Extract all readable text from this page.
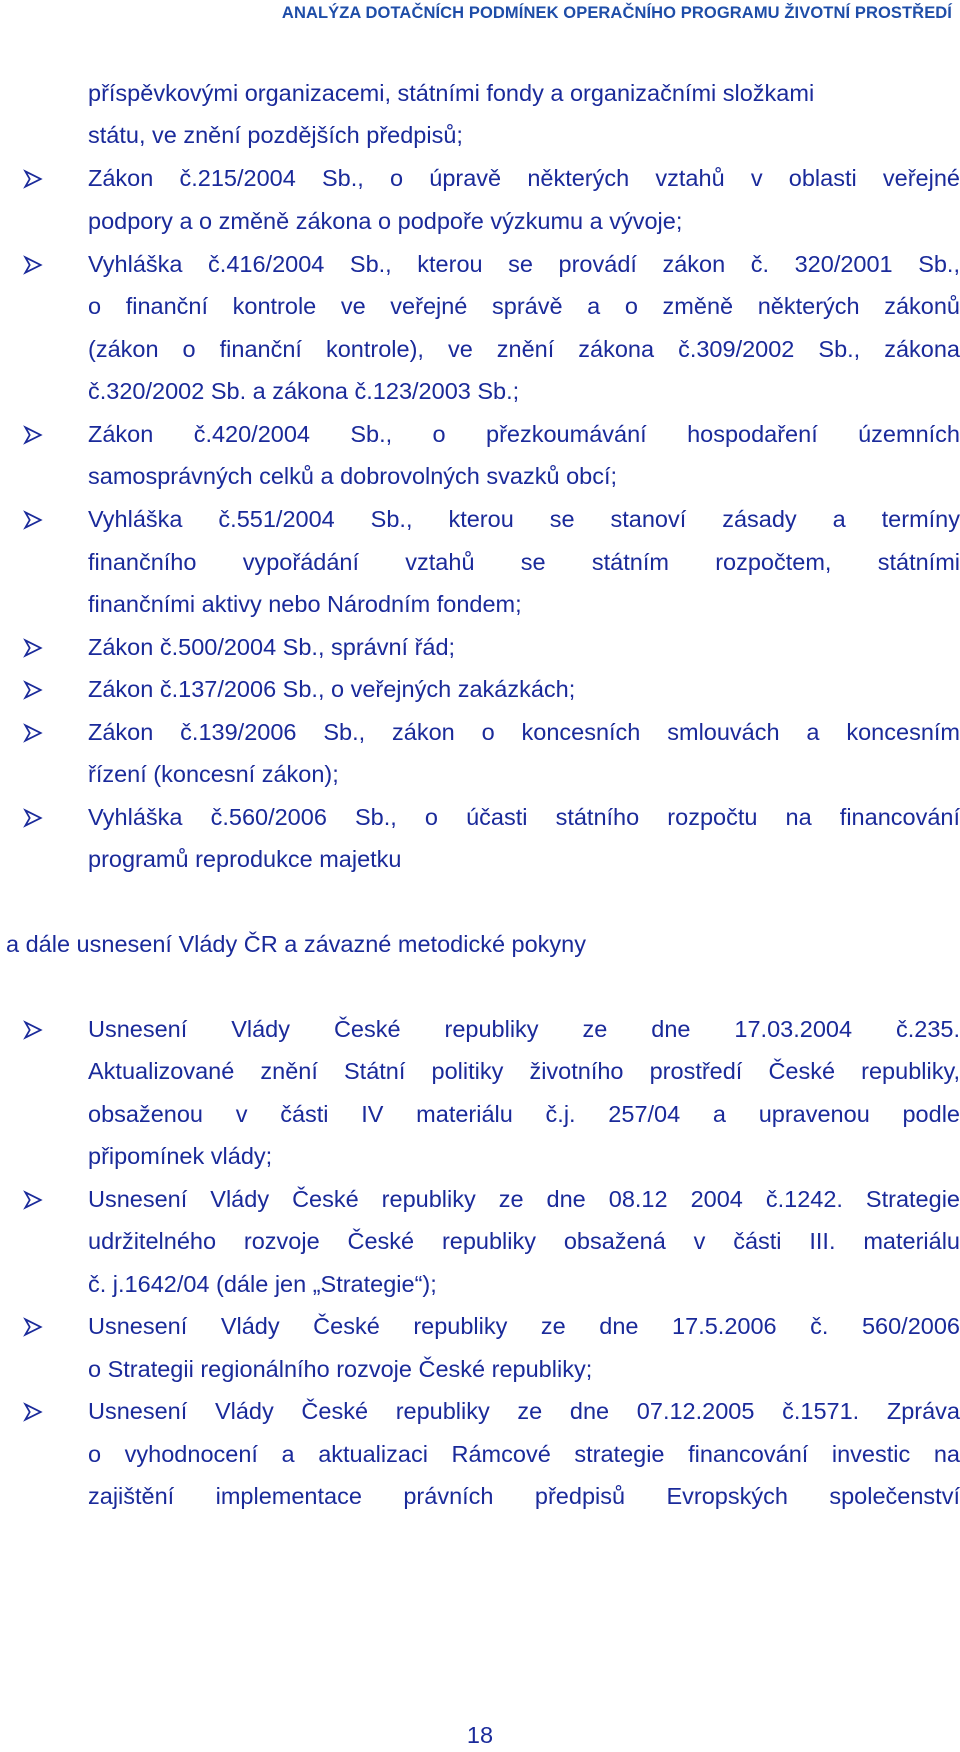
ANALÝZA DOTAČNÍCH PODMÍNEK OPERAČNÍHO PROGRAMU ŽIVOTNÍ PROSTŘEDÍ
příspěvkovými organizacemi, státními fondy a organizačními složkami
státu, ve znění pozdějších předpisů;
Zákon č.215/2004 Sb., o úpravě některých vztahů v oblasti veřejné
podpory a o změně zákona o podpoře výzkumu a vývoje;
Vyhláška č.416/2004 Sb., kterou se provádí zákon č. 320/2001 Sb.,
o finanční kontrole ve veřejné správě a o změně některých zákonů
(zákon o finanční kontrole), ve znění zákona č.309/2002 Sb., zákona
č.320/2002 Sb. a zákona č.123/2003 Sb.;
Zákon č.420/2004 Sb., o přezkoumávání hospodaření územních
samosprávných celků a dobrovolných svazků obcí;
Vyhláška č.551/2004 Sb., kterou se stanoví zásady a termíny
finančního vypořádání vztahů se státním rozpočtem, státními
finančními aktivy nebo Národním fondem;
Zákon č.500/2004 Sb., správní řád;
Zákon č.137/2006 Sb., o veřejných zakázkách;
Zákon č.139/2006 Sb., zákon o koncesních smlouvách a koncesním
řízení (koncesní zákon);
Vyhláška č.560/2006 Sb., o účasti státního rozpočtu na financování
programů reprodukce majetku
a dále usnesení Vlády ČR a závazné metodické pokyny
Usnesení Vlády České republiky ze dne 17.03.2004 č.235.
Aktualizované znění Státní politiky životního prostředí České republiky,
obsaženou v části IV materiálu č.j. 257/04 a upravenou podle
připomínek vlády;
Usnesení Vlády České republiky ze dne 08.12 2004 č.1242. Strategie
udržitelného rozvoje České republiky obsažená v části III. materiálu
č. j.1642/04 (dále jen „Strategie“);
Usnesení Vlády České republiky ze dne 17.5.2006 č. 560/2006
o Strategii regionálního rozvoje České republiky;
Usnesení Vlády České republiky ze dne 07.12.2005 č.1571. Zpráva
o vyhodnocení a aktualizaci Rámcové strategie financování investic na
zajištění implementace právních předpisů Evropských společenství
18
